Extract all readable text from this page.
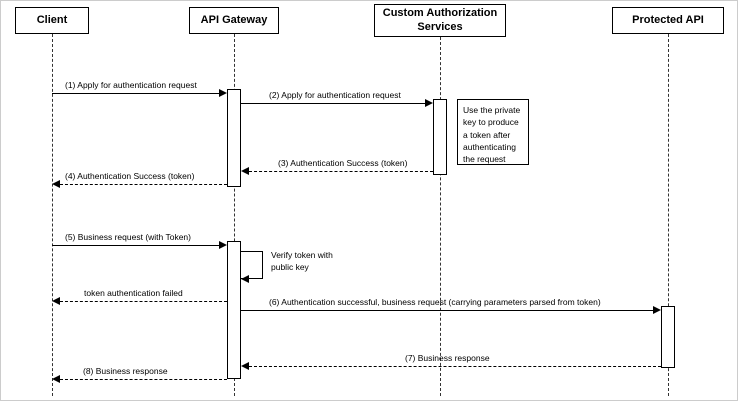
Client	API Gateway
Custom Authorization Services
Protected API
Use the private key to produce a token after authenticating the request
Verify token with public key
(1) Apply for authentication request
(2) Apply for authentication request
(3) Authentication Success (token)
(4) Authentication Success (token)
(5) Business request (with Token)
token authentication failed
(6) Authentication successful, business request (carrying parameters parsed from token)
(7) Business response
(8) Business response
